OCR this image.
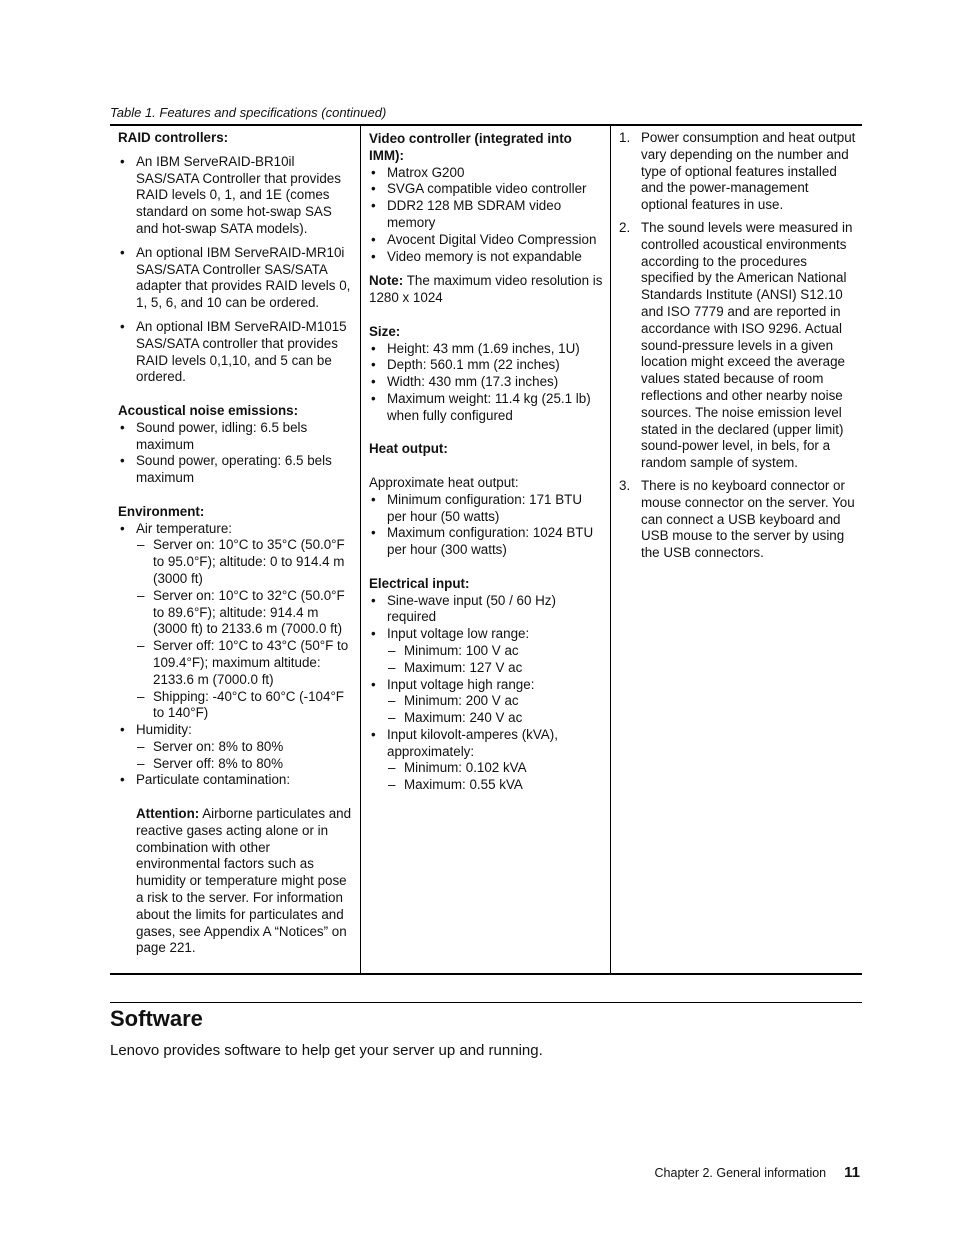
Table 1. Features and specifications (continued)
RAID controllers:
• An IBM ServeRAID-BR10il SAS/SATA Controller that provides RAID levels 0, 1, and 1E (comes standard on some hot-swap SAS and hot-swap SATA models).
• An optional IBM ServeRAID-MR10i SAS/SATA Controller SAS/SATA adapter that provides RAID levels 0, 1, 5, 6, and 10 can be ordered.
• An optional IBM ServeRAID-M1015 SAS/SATA controller that provides RAID levels 0,1,10, and 5 can be ordered.
Acoustical noise emissions:
• Sound power, idling: 6.5 bels maximum
• Sound power, operating: 6.5 bels maximum
Environment:
• Air temperature:
– Server on: 10°C to 35°C (50.0°F to 95.0°F); altitude: 0 to 914.4 m (3000 ft)
– Server on: 10°C to 32°C (50.0°F to 89.6°F); altitude: 914.4 m (3000 ft) to 2133.6 m (7000.0 ft)
– Server off: 10°C to 43°C (50°F to 109.4°F); maximum altitude: 2133.6 m (7000.0 ft)
– Shipping: -40°C to 60°C (-104°F to 140°F)
• Humidity:
– Server on: 8% to 80%
– Server off: 8% to 80%
• Particulate contamination:
Attention: Airborne particulates and reactive gases acting alone or in combination with other environmental factors such as humidity or temperature might pose a risk to the server. For information about the limits for particulates and gases, see Appendix A “Notices” on page 221.
Video controller (integrated into IMM):
• Matrox G200
• SVGA compatible video controller
• DDR2 128 MB SDRAM video memory
• Avocent Digital Video Compression
• Video memory is not expandable
Note: The maximum video resolution is 1280 x 1024
Size:
• Height: 43 mm (1.69 inches, 1U)
• Depth: 560.1 mm (22 inches)
• Width: 430 mm (17.3 inches)
• Maximum weight: 11.4 kg (25.1 lb) when fully configured
Heat output:
Approximate heat output:
• Minimum configuration: 171 BTU per hour (50 watts)
• Maximum configuration: 1024 BTU per hour (300 watts)
Electrical input:
• Sine-wave input (50 / 60 Hz) required
• Input voltage low range:
– Minimum: 100 V ac
– Maximum: 127 V ac
• Input voltage high range:
– Minimum: 200 V ac
– Maximum: 240 V ac
• Input kilovolt-amperes (kVA), approximately:
– Minimum: 0.102 kVA
– Maximum: 0.55 kVA
1. Power consumption and heat output vary depending on the number and type of optional features installed and the power-management optional features in use.
2. The sound levels were measured in controlled acoustical environments according to the procedures specified by the American National Standards Institute (ANSI) S12.10 and ISO 7779 and are reported in accordance with ISO 9296. Actual sound-pressure levels in a given location might exceed the average values stated because of room reflections and other nearby noise sources. The noise emission level stated in the declared (upper limit) sound-power level, in bels, for a random sample of system.
3. There is no keyboard connector or mouse connector on the server. You can connect a USB keyboard and USB mouse to the server by using the USB connectors.
Software

Lenovo provides software to help get your server up and running.

Chapter 2. General information 11
